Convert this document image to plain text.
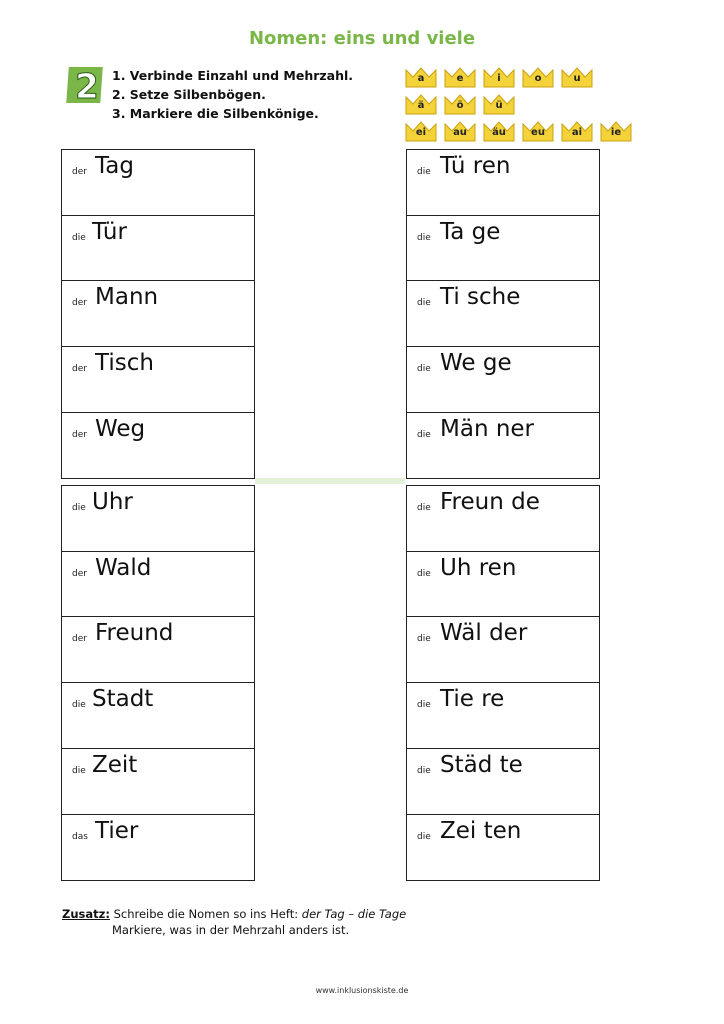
Nomen: eins und viele
2 1. Verbinde Einzahl und Mehrzahl.
2. Setze Silbenbögen.
3. Markiere die Silbenkönige.
a	e	i	o	u
ä	ö	ü
ei	au	äu	eu	ai	ie
der Tag
die Tür
der Mann
der Tisch
der Weg
die Tü ren
die Ta ge
die Ti sche
die We ge
die Män ner
die Uhr
der Wald
der Freund
die Stadt
die Zeit
das Tier
die Freun de
die Uh ren
die Wäl der
die Tie re
die Städ te
die Zei ten
Zusatz: Schreibe die Nomen so ins Heft: der Tag – die Tage
Markiere, was in der Mehrzahl anders ist.
www.inklusionskiste.de
